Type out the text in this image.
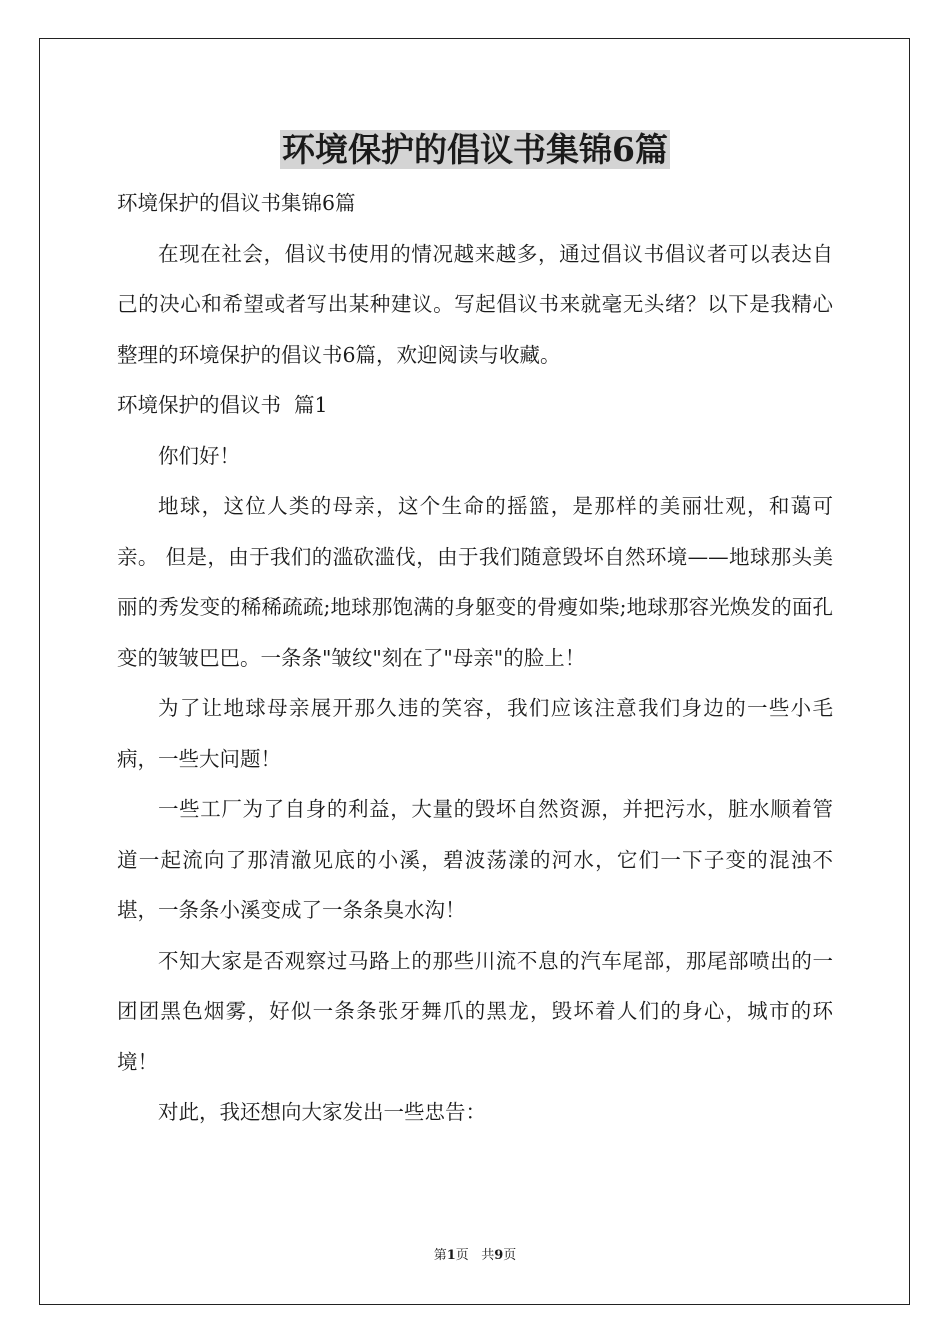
环境保护的倡议书集锦6篇

环境保护的倡议书集锦6篇

在现在社会，倡议书使用的情况越来越多，通过倡议书倡议者可以表达自己的决心和希望或者写出某种建议。写起倡议书来就毫无头绪？以下是我精心整理的环境保护的倡议书6篇，欢迎阅读与收藏。

环境保护的倡议书  篇1

你们好！

地球，这位人类的母亲，这个生命的摇篮，是那样的美丽壮观，和蔼可亲。 但是，由于我们的滥砍滥伐，由于我们随意毁坏自然环境——地球那头美丽的秀发变的稀稀疏疏;地球那饱满的身躯变的骨瘦如柴;地球那容光焕发的面孔变的皱皱巴巴。一条条"皱纹"刻在了"母亲"的脸上！

为了让地球母亲展开那久违的笑容，我们应该注意我们身边的一些小毛病，一些大问题！

一些工厂为了自身的利益，大量的毁坏自然资源，并把污水，脏水顺着管道一起流向了那清澈见底的小溪，碧波荡漾的河水，它们一下子变的混浊不堪，一条条小溪变成了一条条臭水沟！

不知大家是否观察过马路上的那些川流不息的汽车尾部，那尾部喷出的一团团黑色烟雾，好似一条条张牙舞爪的黑龙，毁坏着人们的身心，城市的环境！

对此，我还想向大家发出一些忠告：

第1页 共9页
